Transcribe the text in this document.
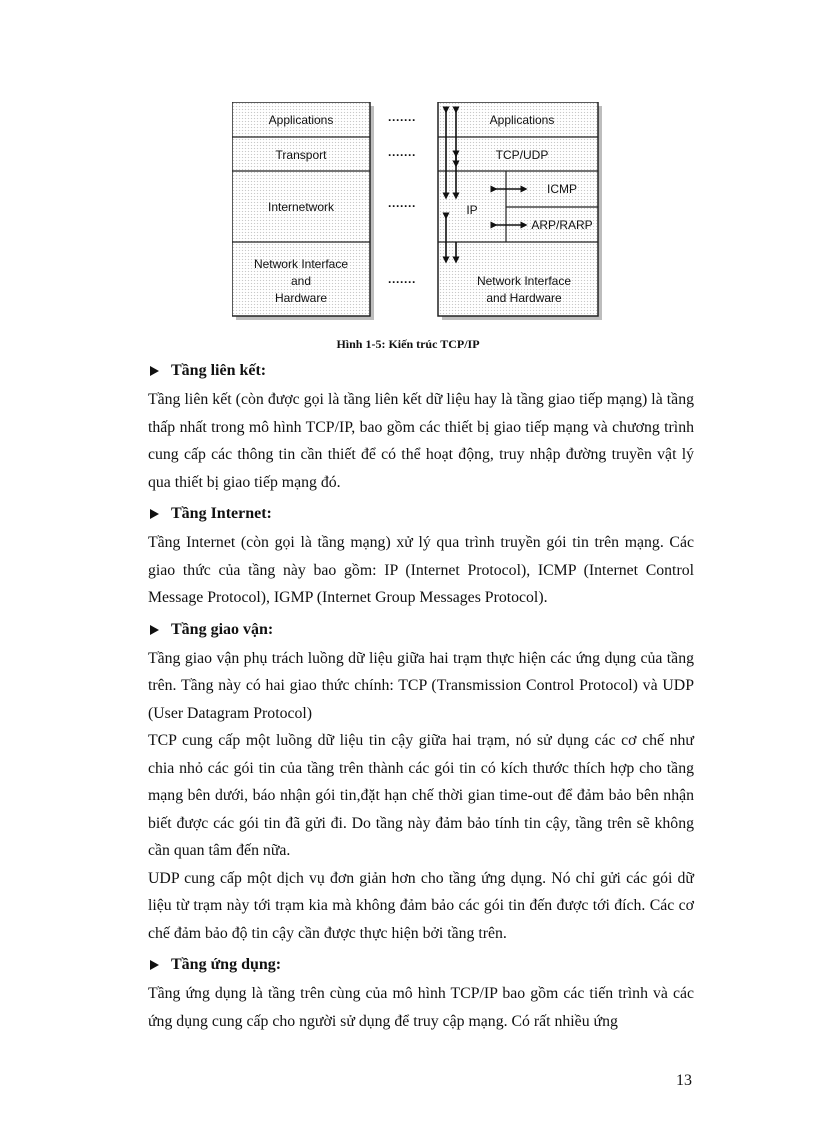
Applications
Transport
Internetwork
Network Interface
and
Hardware
·······
·······
·······
·······
Applications
TCP/UDP
IP
ICMP
ARP/RARP
Network Interface
and Hardware

Hình 1-5: Kiến trúc TCP/IP

Tầng liên kết:

Tầng liên kết (còn được gọi là tầng liên kết dữ liệu hay là tầng giao tiếp mạng) là tầng thấp nhất trong mô hình TCP/IP, bao gồm các thiết bị giao tiếp mạng và chương trình cung cấp các thông tin cần thiết để có thể hoạt động, truy nhập đường truyền vật lý qua thiết bị giao tiếp mạng đó.

Tầng Internet:

Tầng Internet (còn gọi là tầng mạng) xử lý qua trình truyền gói tin trên mạng. Các giao thức của tầng này bao gồm: IP (Internet Protocol), ICMP (Internet Control Message Protocol), IGMP (Internet Group Messages Protocol).

Tầng giao vận:

Tầng giao vận phụ trách luồng dữ liệu giữa hai trạm thực hiện các ứng dụng của tầng trên. Tầng này có hai giao thức chính: TCP (Transmission Control Protocol) và UDP (User Datagram Protocol)

TCP cung cấp một luồng dữ liệu tin cậy giữa hai trạm, nó sử dụng các cơ chế như chia nhỏ các gói tin của tầng trên thành các gói tin có kích thước thích hợp cho tầng mạng bên dưới, báo nhận gói tin,đặt hạn chế thời gian time-out để đảm bảo bên nhận biết được các gói tin đã gửi đi. Do tầng này đảm bảo tính tin cậy, tầng trên sẽ không cần quan tâm đến nữa.

UDP cung cấp một dịch vụ đơn giản hơn cho tầng ứng dụng. Nó chỉ gửi các gói dữ liệu từ trạm này tới trạm kia mà không đảm bảo các gói tin đến được tới đích. Các cơ chế đảm bảo độ tin cậy cần được thực hiện bởi tầng trên.

Tầng ứng dụng:

Tầng ứng dụng là tầng trên cùng của mô hình TCP/IP bao gồm các tiến trình và các ứng dụng cung cấp cho người sử dụng để truy cập mạng. Có rất nhiều ứng

13
